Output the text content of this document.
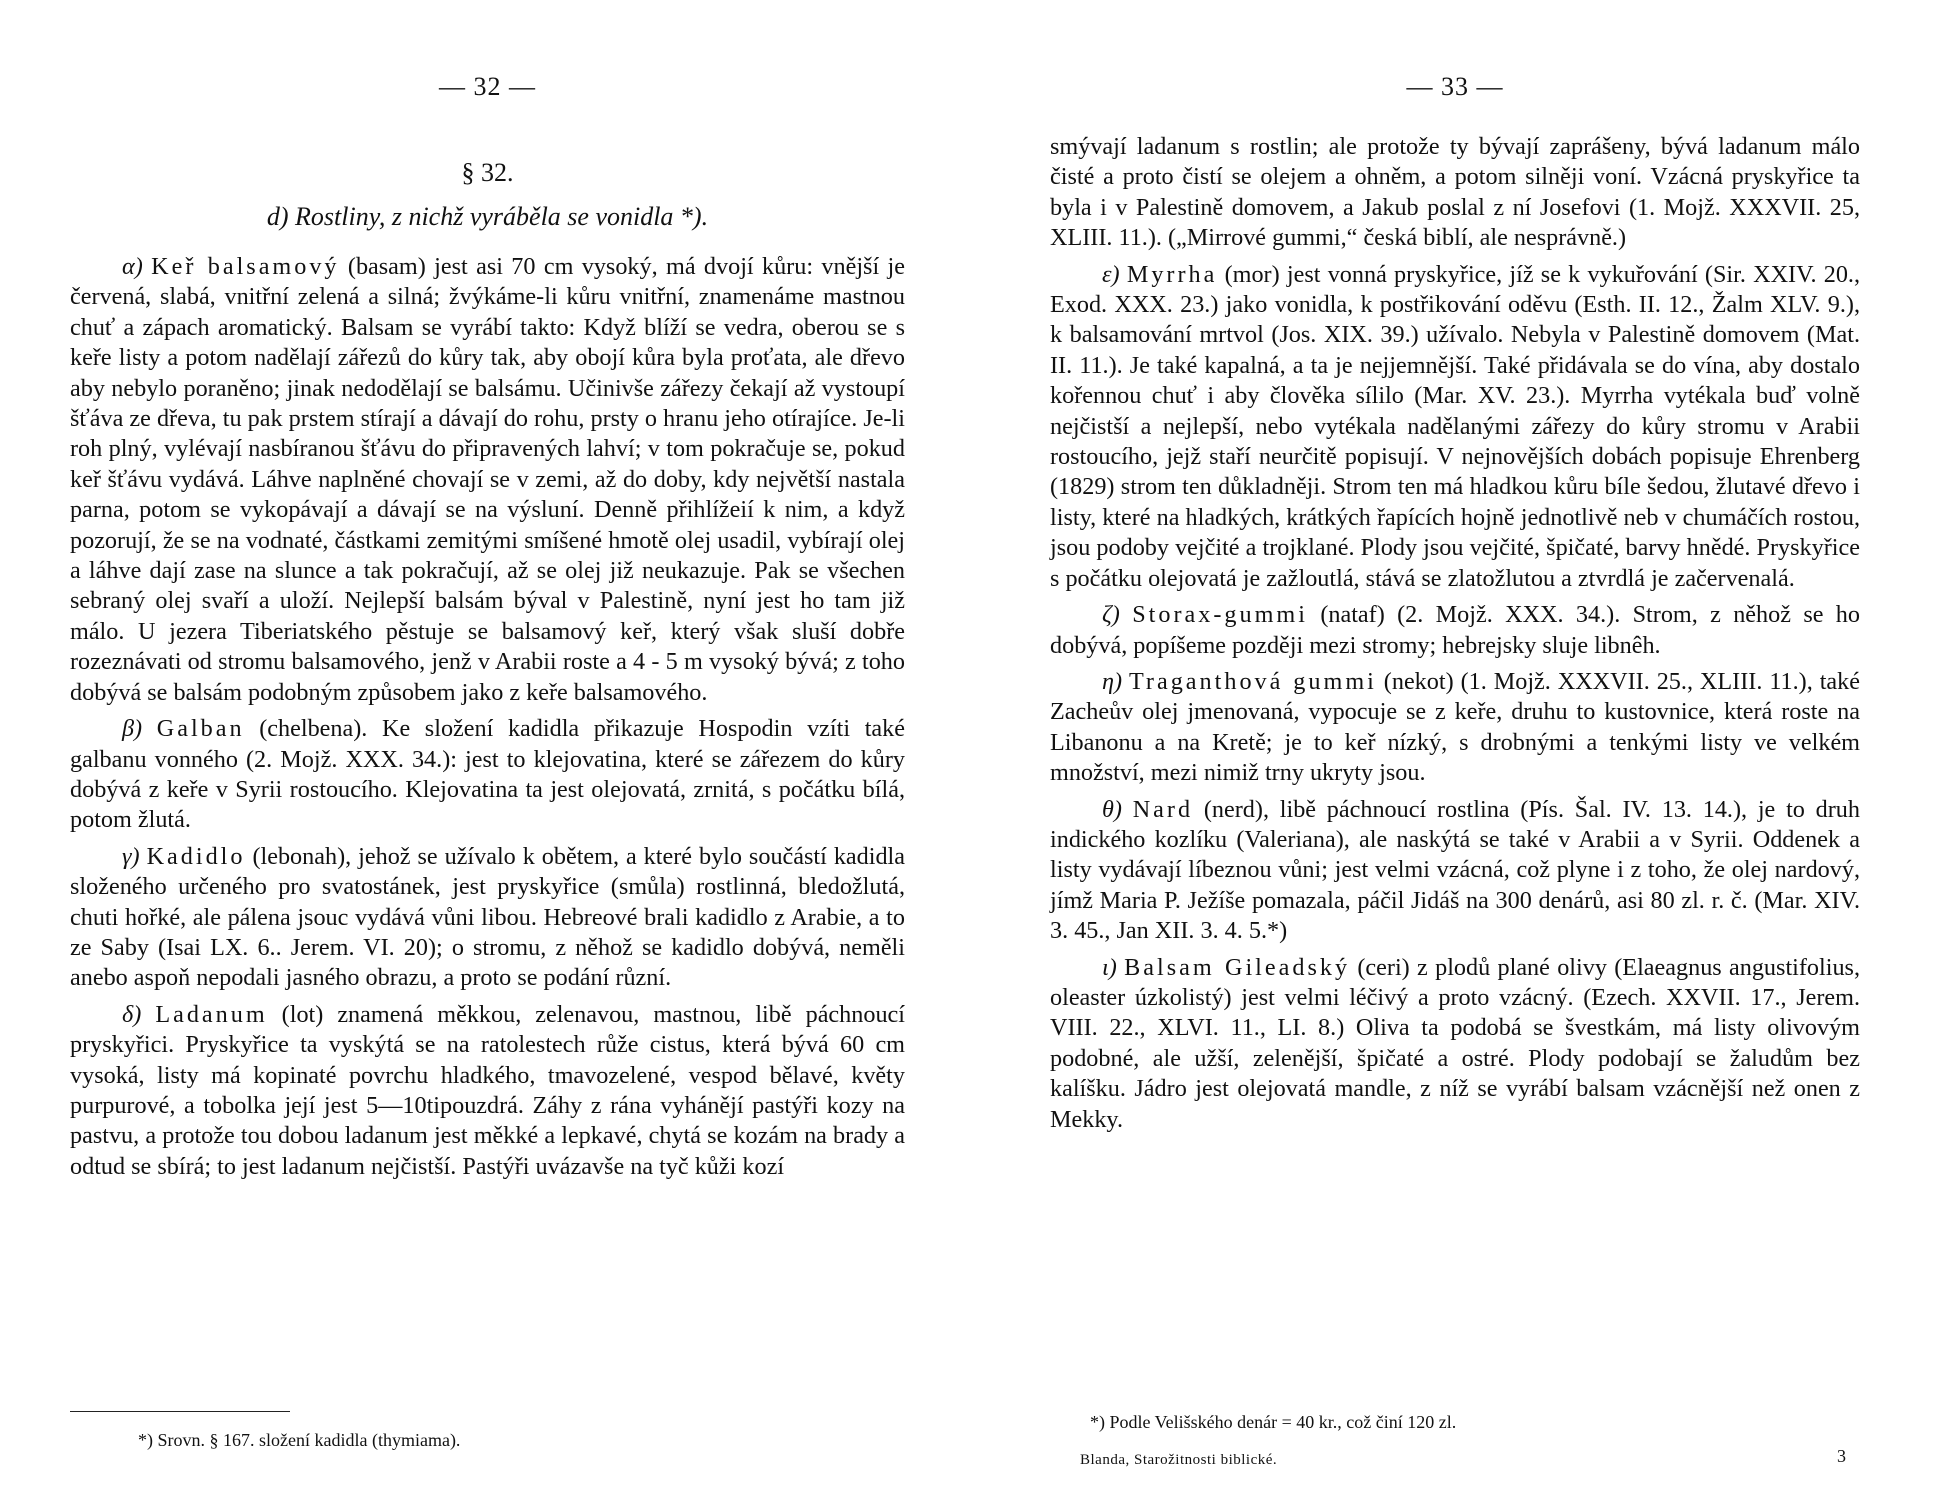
— 32 —
§ 32.
d) Rostliny, z nichž vyráběla se vonidla *).

α) Keř balsamový (basam) jest asi 70 cm vysoký, má dvojí kůru: vnější je červená, slabá, vnitřní zelená a silná; žvýkáme-li kůru vnitřní, znamenáme mastnou chuť a zápach aromatický. Balsam se vyrábí takto: Když blíží se vedra, oberou se s keře listy a potom nadělají zářezů do kůry tak, aby obojí kůra byla proťata, ale dřevo aby nebylo poraněno; jinak nedodělají se balsámu. Učinivše zářezy čekají až vystoupí šťáva ze dřeva, tu pak prstem stírají a dávají do rohu, prsty o hranu jeho otírajíce. Je-li roh plný, vylévají nasbíranou šťávu do připravených lahví; v tom pokračuje se, pokud keř šťávu vydává. Láhve naplněné chovají se v zemi, až do doby, kdy největší nastala parna, potom se vykopávají a dávají se na výsluní. Denně přihlížeií k nim, a když pozorují, že se na vodnaté, částkami zemitými smíšené hmotě olej usadil, vybírají olej a láhve dají zase na slunce a tak pokračují, až se olej již neukazuje. Pak se všechen sebraný olej svaří a uloží. Nejlepší balsám býval v Palestině, nyní jest ho tam již málo. U jezera Tiberiatského pěstuje se balsamový keř, který však sluší dobře rozeznávati od stromu balsamového, jenž v Arabii roste a 4 - 5 m vysoký bývá; z toho dobývá se balsám podobným způsobem jako z keře balsamového.

β) Galban (chelbena). Ke složení kadidla přikazuje Hospodin vzíti také galbanu vonného (2. Mojž. XXX. 34.): jest to klejovatina, které se zářezem do kůry dobývá z keře v Syrii rostoucího. Klejovatina ta jest olejovatá, zrnitá, s počátku bílá, potom žlutá.

γ) Kadidlo (lebonah), jehož se užívalo k obětem, a které bylo součástí kadidla složeného určeného pro svatostánek, jest pryskyřice (smůla) rostlinná, bledožlutá, chuti hořké, ale pálena jsouc vydává vůni libou. Hebreové brali kadidlo z Arabie, a to ze Saby (Isai LX. 6.. Jerem. VI. 20); o stromu, z něhož se kadidlo dobývá, neměli anebo aspoň nepodali jasného obrazu, a proto se podání různí.

δ) Ladanum (lot) znamená měkkou, zelenavou, mastnou, libě páchnoucí pryskyřici. Pryskyřice ta vyskýtá se na ratolestech růže cistus, která bývá 60 cm vysoká, listy má kopinaté povrchu hladkého, tmavozelené, vespod bělavé, květy purpurové, a tobolka její jest 5—10tipouzdrá. Záhy z rána vyhánějí pastýři kozy na pastvu, a protože tou dobou ladanum jest měkké a lepkavé, chytá se kozám na brady a odtud se sbírá; to jest ladanum nejčistší. Pastýři uvázavše na tyč kůži kozí

*) Srovn. § 167. složení kadidla (thymiama).
— 33 —

smývají ladanum s rostlin; ale protože ty bývají zaprášeny, bývá ladanum málo čisté a proto čistí se olejem a ohněm, a potom silněji voní. Vzácná pryskyřice ta byla i v Palestině domovem, a Jakub poslal z ní Josefovi (1. Mojž. XXXVII. 25, XLIII. 11.). („Mirrové gummi,“ česká biblí, ale nesprávně.)

ε) Myrrha (mor) jest vonná pryskyřice, jíž se k vykuřování (Sir. XXIV. 20., Exod. XXX. 23.) jako vonidla, k postřikování oděvu (Esth. II. 12., Žalm XLV. 9.), k balsamování mrtvol (Jos. XIX. 39.) užívalo. Nebyla v Palestině domovem (Mat. II. 11.). Je také kapalná, a ta je nejjemnější. Také přidávala se do vína, aby dostalo kořennou chuť i aby člověka sílilo (Mar. XV. 23.). Myrrha vytékala buď volně nejčistší a nejlepší, nebo vytékala nadělanými zářezy do kůry stromu v Arabii rostoucího, jejž staří neurčitě popisují. V nejnovějších dobách popisuje Ehrenberg (1829) strom ten důkladněji. Strom ten má hladkou kůru bíle šedou, žlutavé dřevo i listy, které na hladkých, krátkých řapících hojně jednotlivě neb v chumáčích rostou, jsou podoby vejčité a trojklané. Plody jsou vejčité, špičaté, barvy hnědé. Pryskyřice s počátku olejovatá je zažloutlá, stává se zlatožlutou a ztvrdlá je začervenalá.

ζ) Storax-gummi (nataf) (2. Mojž. XXX. 34.). Strom, z něhož se ho dobývá, popíšeme později mezi stromy; hebrejsky sluje libnêh.

η) Traganthová gummi (nekot) (1. Mojž. XXXVII. 25., XLIII. 11.), také Zacheův olej jmenovaná, vypocuje se z keře, druhu to kustovnice, která roste na Libanonu a na Kretě; je to keř nízký, s drobnými a tenkými listy ve velkém množství, mezi nimiž trny ukryty jsou.

θ) Nard (nerd), libě páchnoucí rostlina (Pís. Šal. IV. 13. 14.), je to druh indického kozlíku (Valeriana), ale naskýtá se také v Arabii a v Syrii. Oddenek a listy vydávají líbeznou vůni; jest velmi vzácná, což plyne i z toho, že olej nardový, jímž Maria P. Ježíše pomazala, páčil Jidáš na 300 denárů, asi 80 zl. r. č. (Mar. XIV. 3. 45., Jan XII. 3. 4. 5.*)

ι) Balsam Gileadský (ceri) z plodů plané olivy (Elaeagnus angustifolius, oleaster úzkolistý) jest velmi léčivý a proto vzácný. (Ezech. XXVII. 17., Jerem. VIII. 22., XLVI. 11., LI. 8.) Oliva ta podobá se švestkám, má listy olivovým podobné, ale užší, zelenější, špičaté a ostré. Plody podobají se žaludům bez kalíšku. Jádro jest olejovatá mandle, z níž se vyrábí balsam vzácnější než onen z Mekky.

*) Podle Velišského denár = 40 kr., což činí 120 zl.
Blanda, Starožitnosti biblické.	3
